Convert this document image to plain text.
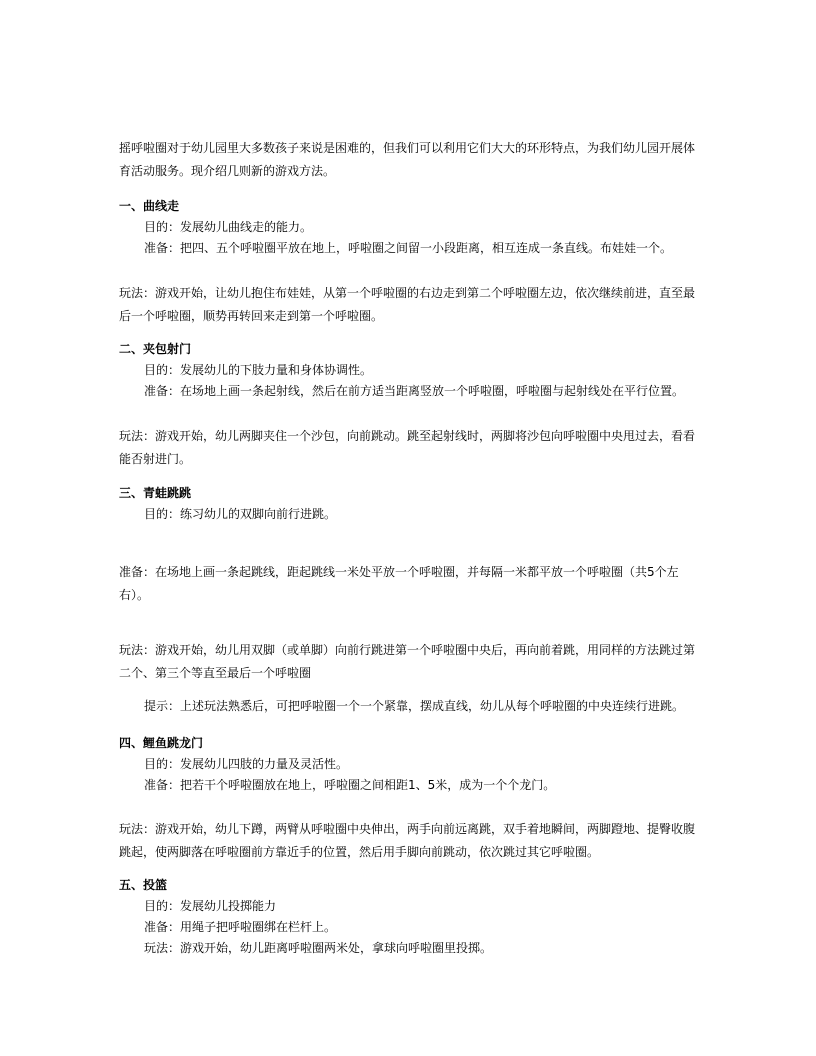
摇呼啦圈对于幼儿园里大多数孩子来说是困难的，但我们可以利用它们大大的环形特点，为我们幼儿园开展体育活动服务。现介绍几则新的游戏方法。
一、曲线走
目的：发展幼儿曲线走的能力。
准备：把四、五个呼啦圈平放在地上，呼啦圈之间留一小段距离，相互连成一条直线。布娃娃一个。
玩法：游戏开始，让幼儿抱住布娃娃，从第一个呼啦圈的右边走到第二个呼啦圈左边，依次继续前进，直至最后一个呼啦圈，顺势再转回来走到第一个呼啦圈。
二、夹包射门
目的：发展幼儿的下肢力量和身体协调性。
准备：在场地上画一条起射线，然后在前方适当距离竖放一个呼啦圈，呼啦圈与起射线处在平行位置。
玩法：游戏开始，幼儿两脚夹住一个沙包，向前跳动。跳至起射线时，两脚将沙包向呼啦圈中央甩过去，看看能否射进门。
三、青蛙跳跳
目的：练习幼儿的双脚向前行进跳。
准备：在场地上画一条起跳线，距起跳线一米处平放一个呼啦圈，并每隔一米都平放一个呼啦圈（共5个左右）。
玩法：游戏开始，幼儿用双脚（或单脚）向前行跳进第一个呼啦圈中央后，再向前着跳，用同样的方法跳过第二个、第三个等直至最后一个呼啦圈
提示：上述玩法熟悉后，可把呼啦圈一个一个紧靠，摆成直线，幼儿从每个呼啦圈的中央连续行进跳。
四、鲤鱼跳龙门
目的：发展幼儿四肢的力量及灵活性。
准备：把若干个呼啦圈放在地上，呼啦圈之间相距1、5米，成为一个个龙门。
玩法：游戏开始，幼儿下蹲，两臂从呼啦圈中央伸出，两手向前远离跳，双手着地瞬间，两脚蹬地、提臀收腹跳起，使两脚落在呼啦圈前方靠近手的位置，然后用手脚向前跳动，依次跳过其它呼啦圈。
五、投篮
目的：发展幼儿投掷能力
准备：用绳子把呼啦圈绑在栏杆上。
玩法：游戏开始，幼儿距离呼啦圈两米处，拿球向呼啦圈里投掷。
